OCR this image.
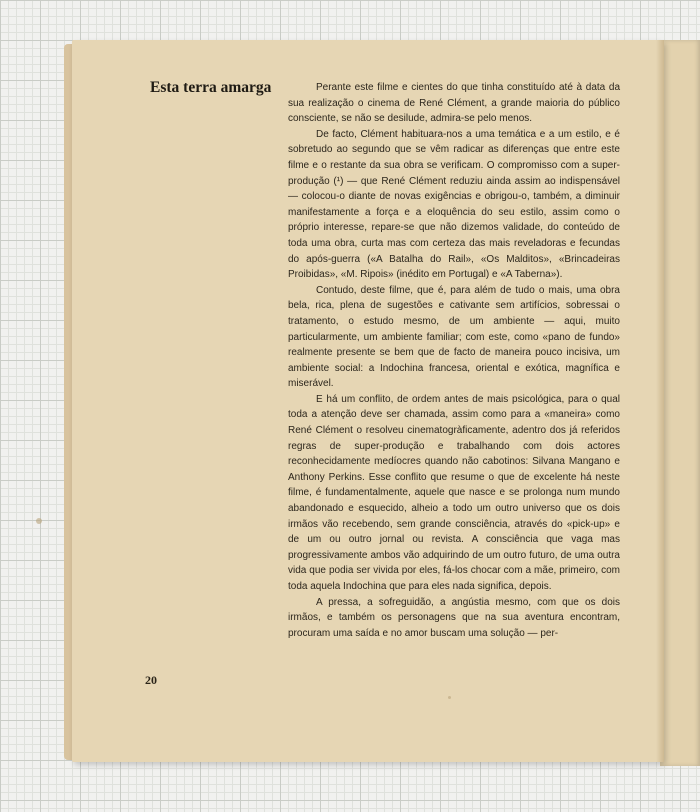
Esta terra amarga	Perante este filme e cientes do que tinha constituído até à data da sua realização o cinema de René Clément, a grande maioria do público consciente, se não se desilude, admira-se pelo menos.

De facto, Clément habituara-nos a uma temática e a um estilo, e é sobretudo ao segundo que se vêm radicar as diferenças que entre este filme e o restante da sua obra se verificam. O compromisso com a super-produção (¹) — que René Clément reduziu ainda assim ao indispensável — colocou-o diante de novas exigências e obrigou-o, também, a diminuir manifestamente a força e a eloquência do seu estilo, assim como o próprio interesse, repare-se que não dizemos validade, do conteúdo de toda uma obra, curta mas com certeza das mais reveladoras e fecundas do após-guerra («A Batalha do Rail», «Os Malditos», «Brincadeiras Proibidas», «M. Ripois» (inédito em Portugal) e «A Taberna»).

Contudo, deste filme, que é, para além de tudo o mais, uma obra bela, rica, plena de sugestões e cativante sem artifícios, sobressai o tratamento, o estudo mesmo, de um ambiente — aqui, muito particularmente, um ambiente familiar; com este, como «pano de fundo» realmente presente se bem que de facto de maneira pouco incisiva, um ambiente social: a Indochina francesa, oriental e exótica, magnífica e miserável.

E há um conflito, de ordem antes de mais psicológica, para o qual toda a atenção deve ser chamada, assim como para a «maneira» como René Clément o resolveu cinematogràficamente, adentro dos já referidos regras de super-produção e trabalhando com dois actores reconhecidamente medíocres quando não cabotinos: Silvana Mangano e Anthony Perkins. Esse conflito que resume o que de excelente há neste filme, é fundamentalmente, aquele que nasce e se prolonga num mundo abandonado e esquecido, alheio a todo um outro universo que os dois irmãos vão recebendo, sem grande consciência, através do «pick-up» e de um ou outro jornal ou revista. A consciência que vaga mas progressivamente ambos vão adquirindo de um outro futuro, de uma outra vida que podia ser vivida por eles, fá-los chocar com a mãe, primeiro, com toda aquela Indochina que para eles nada significa, depois.

A pressa, a sofreguidão, a angústia mesmo, com que os dois irmãos, e também os personagens que na sua aventura encontram, procuram uma saída e no amor buscam uma solução — per-

20
